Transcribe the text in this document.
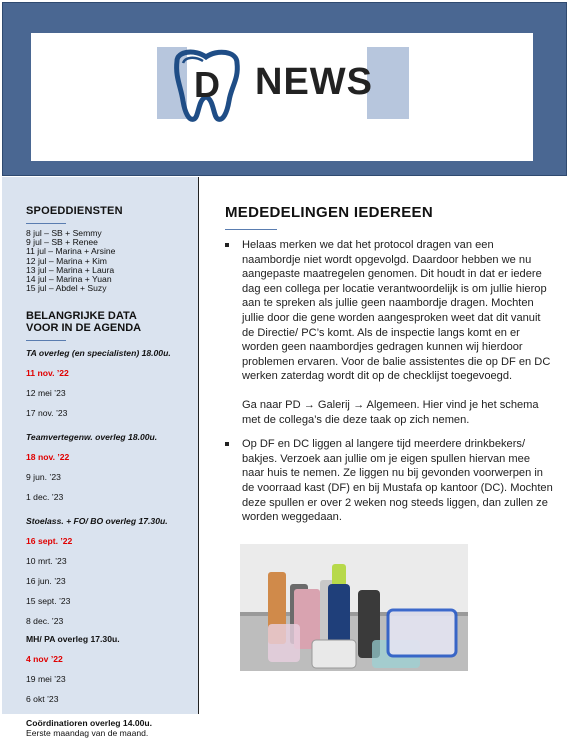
D NEWS
SPOEDDIENSTEN
8 jul – SB + Semmy
9 jul – SB + Renee
11 jul – Marina + Arsine
12 jul – Marina + Kim
13 jul – Marina + Laura
14 jul – Marina + Yuan
15 jul – Abdel + Suzy
BELANGRIJKE DATA
VOOR IN DE AGENDA
TA overleg (en specialisten) 18.00u.
11 nov. ’22
12 mei ’23
17 nov. ’23
Teamvertegenw. overleg 18.00u.
18 nov. ’22
9 jun. ’23
1 dec. ’23
Stoelass. + FO/ BO overleg 17.30u.
16 sept. ’22
10 mrt. ’23
16 jun. ’23
15 sept. ’23
8 dec. ’23
MH/ PA overleg 17.30u.
4 nov ’22
19 mei ’23
6 okt ’23
Coördinatioren overleg 14.00u.
Eerste maandag van de maand.
MEDEDELINGEN IEDEREEN
Helaas merken we dat het protocol dragen van een naambordje niet wordt opgevolgd. Daardoor hebben we nu aangepaste maatregelen genomen. Dit houdt in dat er iedere dag een collega per locatie verantwoordelijk is om jullie hierop aan te spreken als jullie geen naambordje dragen. Mochten jullie door die gene worden aangesproken weet dat dit vanuit de Directie/ PC’s komt. Als de inspectie langs komt en er worden geen naambordjes gedragen kunnen wij hierdoor problemen ervaren. Voor de balie assistentes die op DF en DC werken zaterdag wordt dit op de checklijst toegevoegd.
Ga naar PD → Galerij → Algemeen. Hier vind je het schema met de collega’s die deze taak op zich nemen.
Op DF en DC liggen al langere tijd meerdere drinkbekers/ bakjes. Verzoek aan jullie om je eigen spullen hiervan mee naar huis te nemen. Ze liggen nu bij gevonden voorwerpen in de voorraad kast (DF) en bij Mustafa op kantoor (DC). Mochten deze spullen er over 2 weken nog steeds liggen, dan zullen ze worden weggedaan.
